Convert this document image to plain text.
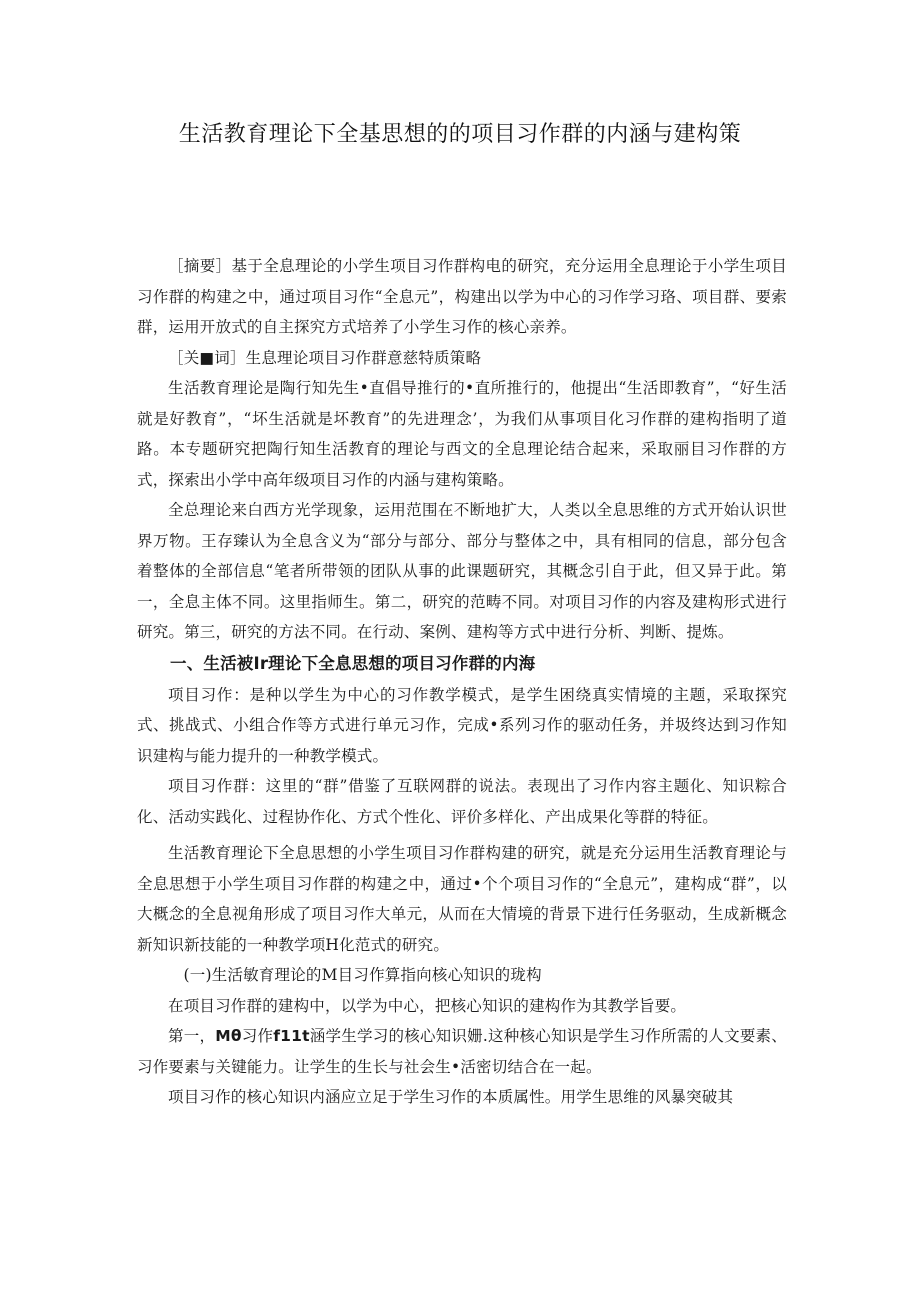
生活教育理论下全基思想的的项目习作群的内涵与建构策

［摘要］基于全息理论的小学生项目习作群构电的研究，充分运用全息理论于小学生项目习作群的构建之中，通过项目习作“全息元”，构建出以学为中心的习作学习珞、项目群、要索群，运用开放式的自主探究方式培养了小学生习作的核心亲养。

［关■词］生息理论项目习作群意慈特质策略

生活教育理论是陶行知先生•直倡导推行的•直所推行的，他提出“生活即教育”，“好生活就是好教育”，“坏生活就是坏教育”的先进理念’，为我们从事项目化习作群的建构指明了道路。本专题研究把陶行知生活教育的理论与西文的全息理论结合起来，采取丽目习作群的方式，探索出小学中高年级项目习作的内涵与建构策略。

全总理论来白西方光学现象，运用范围在不断地扩大，人类以全息思维的方式开始认识世界万物。王存臻认为全息含义为“部分与部分、部分与整体之中，具有相同的信息，部分包含着整体的全部信息“笔者所带领的团队从事的此课题研究，其概念引自于此，但又异于此。第一，全息主体不同。这里指师生。第二，研究的范畴不同。对项目习作的内容及建构形式进行研究。第三，研究的方法不同。在行动、案例、建构等方式中进行分析、判断、提炼。

一、生活被Ir理论下全息思想的项目习作群的内海

项目习作：是种以学生为中心的习作教学模式，是学生困绕真实情境的主题，采取探究式、挑战式、小组合作等方式进行单元习作，完成•系列习作的驱动任务，并圾终达到习作知识建构与能力提升的一种教学模式。

项目习作群：这里的“群”借鉴了互联网群的说法。表现出了习作内容主题化、知识粽合化、活动实践化、过程协作化、方式个性化、评价多样化、产出成果化等群的特征。

生活教育理论下全息思想的小学生项目习作群构建的研究，就是充分运用生活教育理论与全息思想于小学生项目习作群的构建之中，通过•个个项目习作的“全息元”，建构成“群”，以大概念的全息视角形成了项目习作大单元，从而在大情境的背景下进行任务驱动，生成新概念新知识新技能的一种教学项H化范式的研究。

(一)生活敏育理论的M目习作算指向核心知识的珑构

在项目习作群的建构中，以学为中心，把核心知识的建构作为其教学旨要。

第一，Mθ习作f11t涵学生学习的核心知识姗.这种核心知识是学生习作所需的人文要素、习作要素与关键能力。让学生的生长与社会生•活密切结合在一起。

项目习作的核心知识内涵应立足于学生习作的本质属性。用学生思维的风暴突破其
